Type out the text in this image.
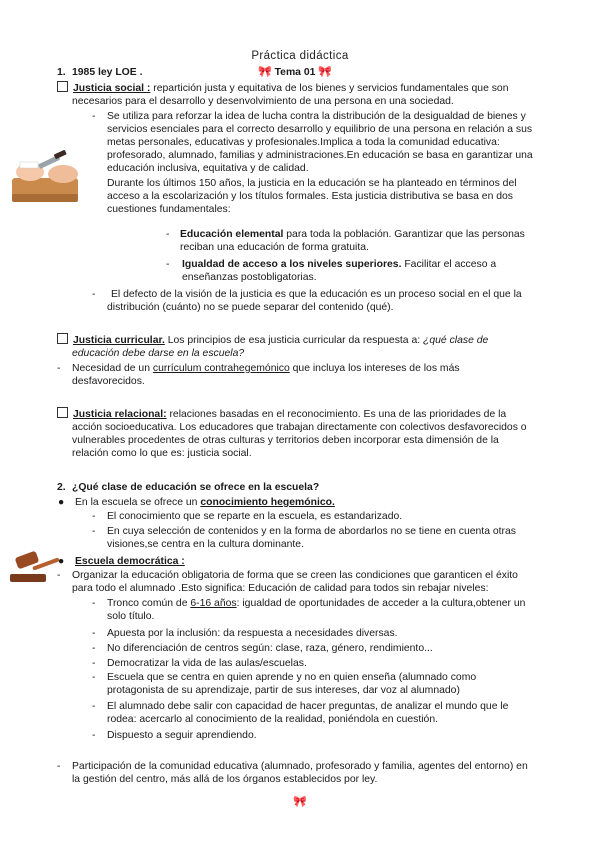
Práctica didáctica
1. 1985 ley LOE .	🎀 Tema 01 🎀
Justicia social : repartición justa y equitativa de los bienes y servicios fundamentales que son
necesarios para el desarrollo y desenvolvimiento de una persona en una sociedad.
- Se utiliza para reforzar la idea de lucha contra la distribución de la desigualdad de bienes y
servicios esenciales para el correcto desarrollo y equilibrio de una persona en relación a sus
metas personales, educativas y profesionales.Implica a toda la comunidad educativa:
profesorado, alumnado, familias y administraciones.En educación se basa en garantizar una
educación inclusiva, equitativa y de calidad.
Durante los últimos 150 años, la justicia en la educación se ha planteado en términos del
acceso a la escolarización y los títulos formales. Esta justicia distributiva se basa en dos
cuestiones fundamentales:
- Educación elemental para toda la población. Garantizar que las personas
reciban una educación de forma gratuita.
- Igualdad de acceso a los niveles superiores. Facilitar el acceso a
enseñanzas postobligatorias.
- El defecto de la visión de la justicia es que la educación es un proceso social en el que la
distribución (cuánto) no se puede separar del contenido (qué).
Justicia curricular. Los principios de esa justicia curricular da respuesta a: ¿qué clase de
educación debe darse en la escuela?
- Necesidad de un currículum contrahegemónico que incluya los intereses de los más
desfavorecidos.
Justicia relacional: relaciones basadas en el reconocimiento. Es una de las prioridades de la
acción socioeducativa. Los educadores que trabajan directamente con colectivos desfavorecidos o
vulnerables procedentes de otras culturas y territorios deben incorporar esta dimensión de la
relación como lo que es: justicia social.
2. ¿Qué clase de educación se ofrece en la escuela?
● En la escuela se ofrece un conocimiento hegemónico.
- El conocimiento que se reparte en la escuela, es estandarizado.
- En cuya selección de contenidos y en la forma de abordarlos no se tiene en cuenta otras
visiones,se centra en la cultura dominante.
● Escuela democrática :
- Organizar la educación obligatoria de forma que se creen las condiciones que garanticen el éxito
para todo el alumnado .Esto significa: Educación de calidad para todos sin rebajar niveles:
- Tronco común de 6-16 años: igualdad de oportunidades de acceder a la cultura,obtener un
solo título.
- Apuesta por la inclusión: da respuesta a necesidades diversas.
- No diferenciación de centros según: clase, raza, género, rendimiento...
- Democratizar la vida de las aulas/escuelas.
- Escuela que se centra en quien aprende y no en quien enseña (alumnado como
protagonista de su aprendizaje, partir de sus intereses, dar voz al alumnado)
- El alumnado debe salir con capacidad de hacer preguntas, de analizar el mundo que le
rodea: acercarlo al conocimiento de la realidad, poniéndola en cuestión.
- Dispuesto a seguir aprendiendo.
- Participación de la comunidad educativa (alumnado, profesorado y familia, agentes del entorno) en
la gestión del centro, más allá de los órganos establecidos por ley.
🎀
